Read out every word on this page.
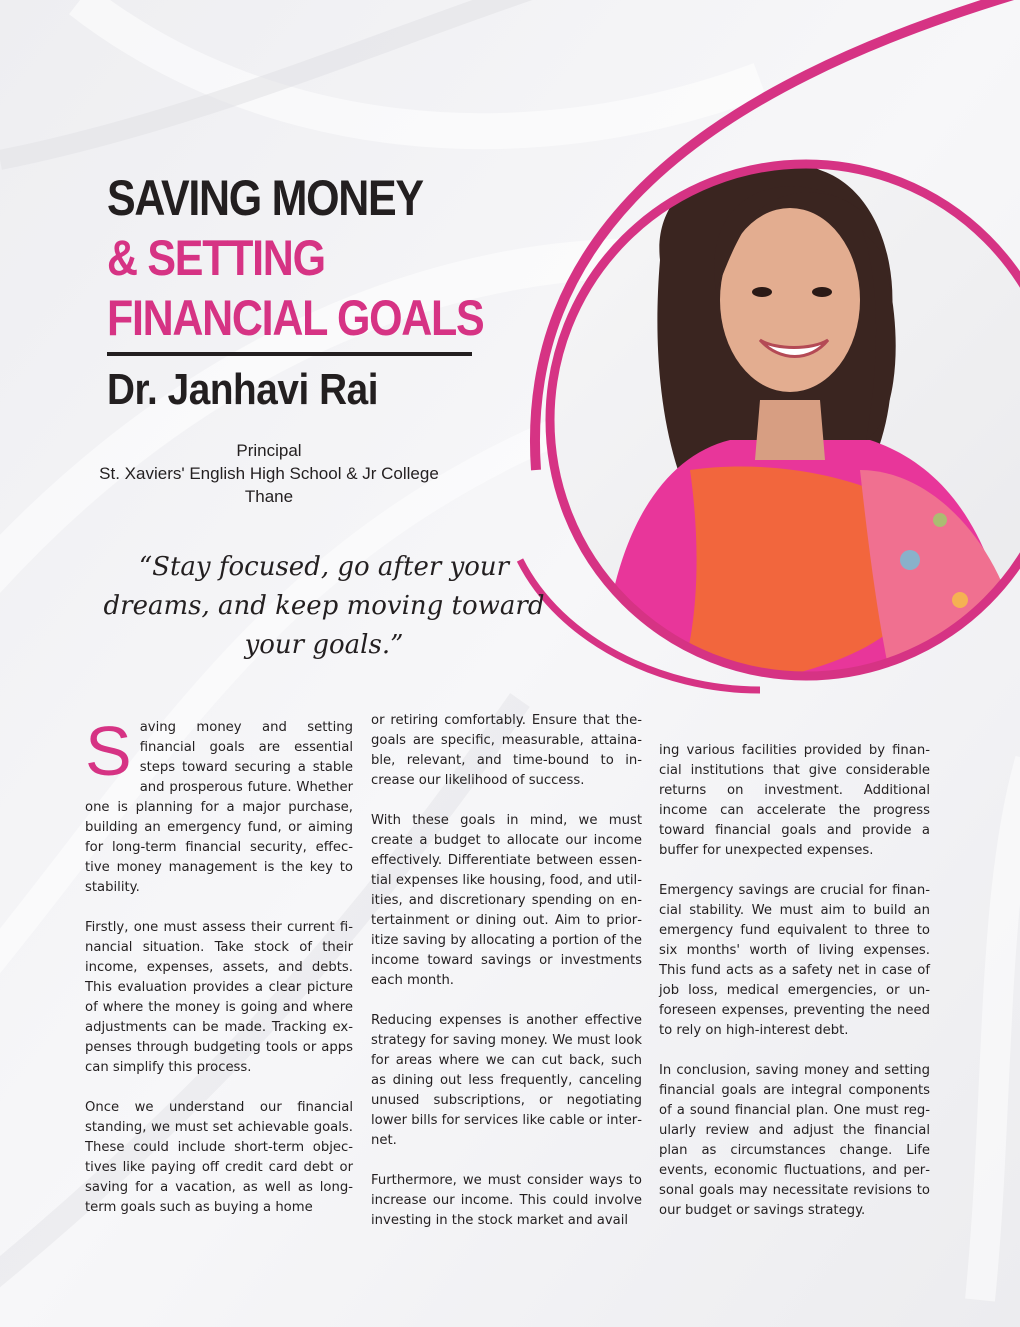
SAVING MONEY
& SETTING
FINANCIAL GOALS
Dr. Janhavi Rai
Principal
St. Xaviers' English High School & Jr College
Thane
“Stay focused, go after your dreams, and keep moving toward your goals.”

Saving money and setting financial goals are essential steps toward securing a stable and prosperous future. Whether one is planning for a major purchase, building an emergency fund, or aiming for long-term financial security, effective money management is the key to stability.

Firstly, one must assess their current financial situation. Take stock of their income, expenses, assets, and debts. This evaluation provides a clear picture of where the money is going and where adjustments can be made. Tracking expenses through budgeting tools or apps can simplify this process.

Once we understand our financial standing, we must set achievable goals. These could include short-term objectives like paying off credit card debt or saving for a vacation, as well as long-term goals such as buying a home

or retiring comfortably. Ensure that thegoals are specific, measurable, attainable, relevant, and time-bound to increase our likelihood of success.

With these goals in mind, we must create a budget to allocate our income effectively. Differentiate between essential expenses like housing, food, and utilities, and discretionary spending on entertainment or dining out. Aim to prioritize saving by allocating a portion of the income toward savings or investments each month.

Reducing expenses is another effective strategy for saving money. We must look for areas where we can cut back, such as dining out less frequently, canceling unused subscriptions, or negotiating lower bills for services like cable or internet.

Furthermore, we must consider ways to increase our income. This could involve investing in the stock market and avail

ing various facilities provided by financial institutions that give considerable returns on investment. Additional income can accelerate the progress toward financial goals and provide a buffer for unexpected expenses.

Emergency savings are crucial for financial stability. We must aim to build an emergency fund equivalent to three to six months' worth of living expenses. This fund acts as a safety net in case of job loss, medical emergencies, or unforeseen expenses, preventing the need to rely on high-interest debt.

In conclusion, saving money and setting financial goals are integral components of a sound financial plan. One must regularly review and adjust the financial plan as circumstances change. Life events, economic fluctuations, and personal goals may necessitate revisions to our budget or savings strategy.
